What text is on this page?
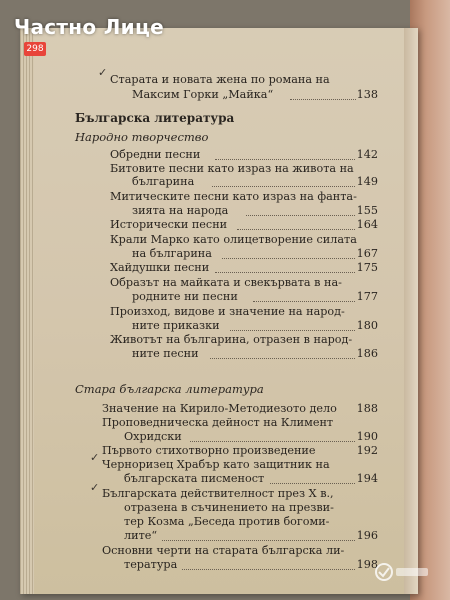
Частно Лице
298
✓
Старата и новата жена по романа на
Максим Горки „Майка“	138
Българска литература
Народно творчество
Обредни песни	142
Битовите песни като израз на живота на
българина	149
Митическите песни като израз на фанта-
зията на народа	155
Исторически песни	164
Крали Марко като олицетворение силата
на българина	167
Хайдушки песни	175
Образът на майката и свекървата в на-
родните ни песни	177
Произход, видове и значение на народ-
ните приказки	180
Животът на българина, отразен в народ-
ните песни	186
Стара българска литература
Значение на Кирило-Методиезото дело	188
Проповедническа дейност на Климент
Охридски	190
Първото стихотворно произведение	192
✓
Черноризец Храбър като защитник на
българската писменост	194
✓ Българската действителност през X в.,
отразена в съчинението на презви-
тер Козма „Беседа против богоми-
лите“	196
Основни черти на старата българска ли-
тература	198
